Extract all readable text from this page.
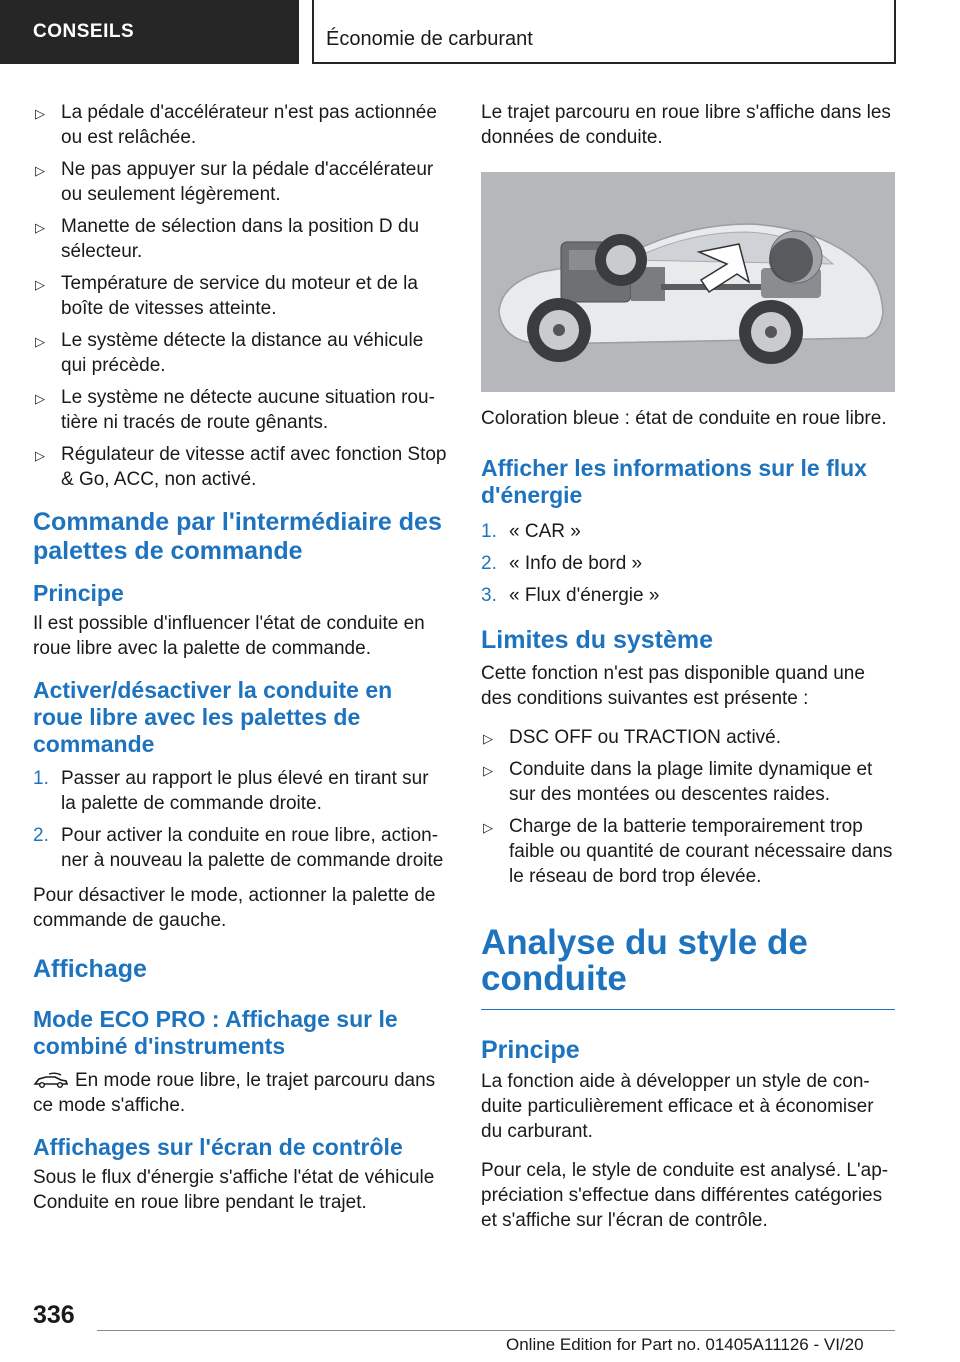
CONSEILS	Économie de carburant
▷ La pédale d'accélérateur n'est pas actionnée ou est relâchée.
▷ Ne pas appuyer sur la pédale d'accélérateur ou seulement légèrement.
▷ Manette de sélection dans la position D du sélecteur.
▷ Température de service du moteur et de la boîte de vitesses atteinte.
▷ Le système détecte la distance au véhicule qui précède.
▷ Le système ne détecte aucune situation rou-tière ni tracés de route gênants.
▷ Régulateur de vitesse actif avec fonction Stop & Go, ACC, non activé.
Commande par l'intermédiaire des palettes de commande
Principe

Il est possible d'influencer l'état de conduite en roue libre avec la palette de commande.

Activer/désactiver la conduite en roue libre avec les palettes de commande
1. Passer au rapport le plus élevé en tirant sur la palette de commande droite.
2. Pour activer la conduite en roue libre, action-ner à nouveau la palette de commande droite

Pour désactiver le mode, actionner la palette de commande de gauche.

Affichage
Mode ECO PRO : Affichage sur le combiné d'instruments

En mode roue libre, le trajet parcouru dans ce mode s'affiche.

Affichages sur l'écran de contrôle

Sous le flux d'énergie s'affiche l'état de véhicule Conduite en roue libre pendant le trajet.

Le trajet parcouru en roue libre s'affiche dans les données de conduite.

Coloration bleue : état de conduite en roue libre.

Afficher les informations sur le flux d'énergie
1. « CAR »
2. « Info de bord »
3. « Flux d'énergie »
Limites du système

Cette fonction n'est pas disponible quand une des conditions suivantes est présente :

▷ DSC OFF ou TRACTION activé.
▷ Conduite dans la plage limite dynamique et sur des montées ou descentes raides.
▷ Charge de la batterie temporairement trop faible ou quantité de courant nécessaire dans le réseau de bord trop élevée.
Analyse du style de conduite
Principe

La fonction aide à développer un style de con-duite particulièrement efficace et à économiser du carburant.

Pour cela, le style de conduite est analysé. L'ap-préciation s'effectue dans différentes catégories et s'affiche sur l'écran de contrôle.

336
Online Edition for Part no. 01405A11126 - VI/20
